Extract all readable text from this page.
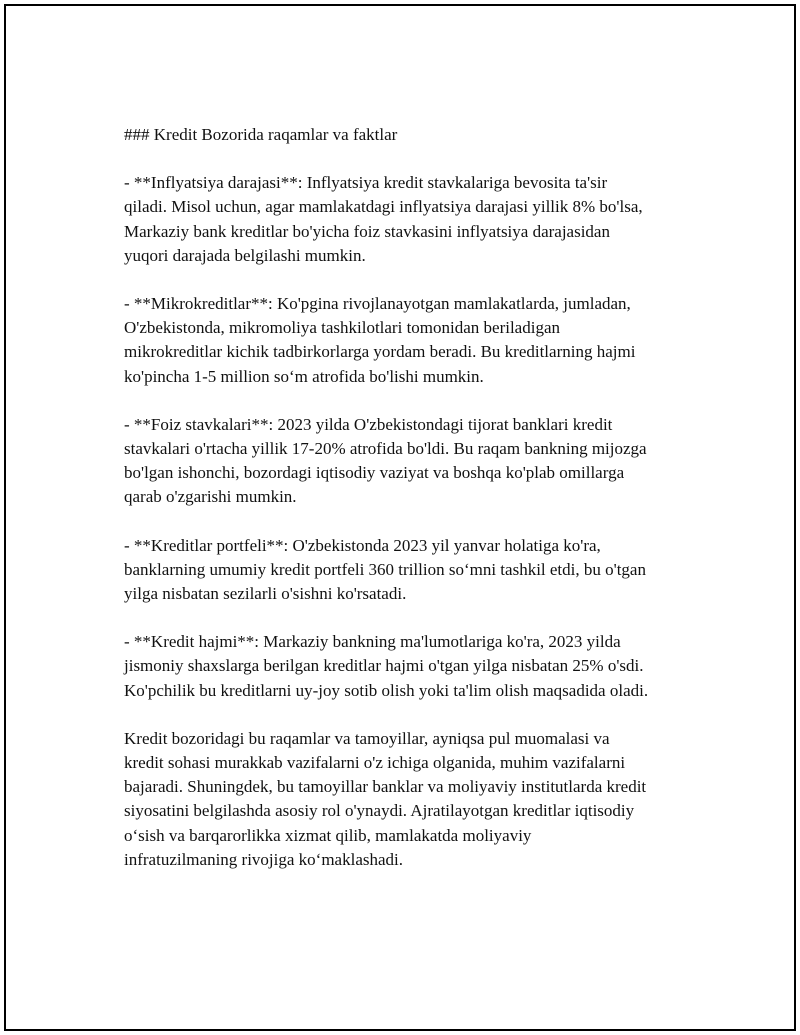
### Kredit Bozorida raqamlar va faktlar
- **Inflyatsiya darajasi**: Inflyatsiya kredit stavkalariga bevosita ta'sir
qiladi. Misol uchun, agar mamlakatdagi inflyatsiya darajasi yillik 8% bo'lsa,
Markaziy bank kreditlar bo'yicha foiz stavkasini inflyatsiya darajasidan
yuqori darajada belgilashi mumkin.
- **Mikrokreditlar**: Ko'pgina rivojlanayotgan mamlakatlarda, jumladan,
O'zbekistonda, mikromoliya tashkilotlari tomonidan beriladigan
mikrokreditlar kichik tadbirkorlarga yordam beradi. Bu kreditlarning hajmi
ko'pincha 1-5 million so‘m atrofida bo'lishi mumkin.
- **Foiz stavkalari**: 2023 yilda O'zbekistondagi tijorat banklari kredit
stavkalari o'rtacha yillik 17-20% atrofida bo'ldi. Bu raqam bankning mijozga
bo'lgan ishonchi, bozordagi iqtisodiy vaziyat va boshqa ko'plab omillarga
qarab o'zgarishi mumkin.
- **Kreditlar portfeli**: O'zbekistonda 2023 yil yanvar holatiga ko'ra,
banklarning umumiy kredit portfeli 360 trillion so‘mni tashkil etdi, bu o'tgan
yilga nisbatan sezilarli o'sishni ko'rsatadi.
- **Kredit hajmi**: Markaziy bankning ma'lumotlariga ko'ra, 2023 yilda
jismoniy shaxslarga berilgan kreditlar hajmi o'tgan yilga nisbatan 25% o'sdi.
Ko'pchilik bu kreditlarni uy-joy sotib olish yoki ta'lim olish maqsadida oladi.
Kredit bozoridagi bu raqamlar va tamoyillar, ayniqsa pul muomalasi va
kredit sohasi murakkab vazifalarni o'z ichiga olganida, muhim vazifalarni
bajaradi. Shuningdek, bu tamoyillar banklar va moliyaviy institutlarda kredit
siyosatini belgilashda asosiy rol o'ynaydi. Ajratilayotgan kreditlar iqtisodiy
o‘sish va barqarorlikka xizmat qilib, mamlakatda moliyaviy
infratuzilmaning rivojiga ko‘maklashadi.
